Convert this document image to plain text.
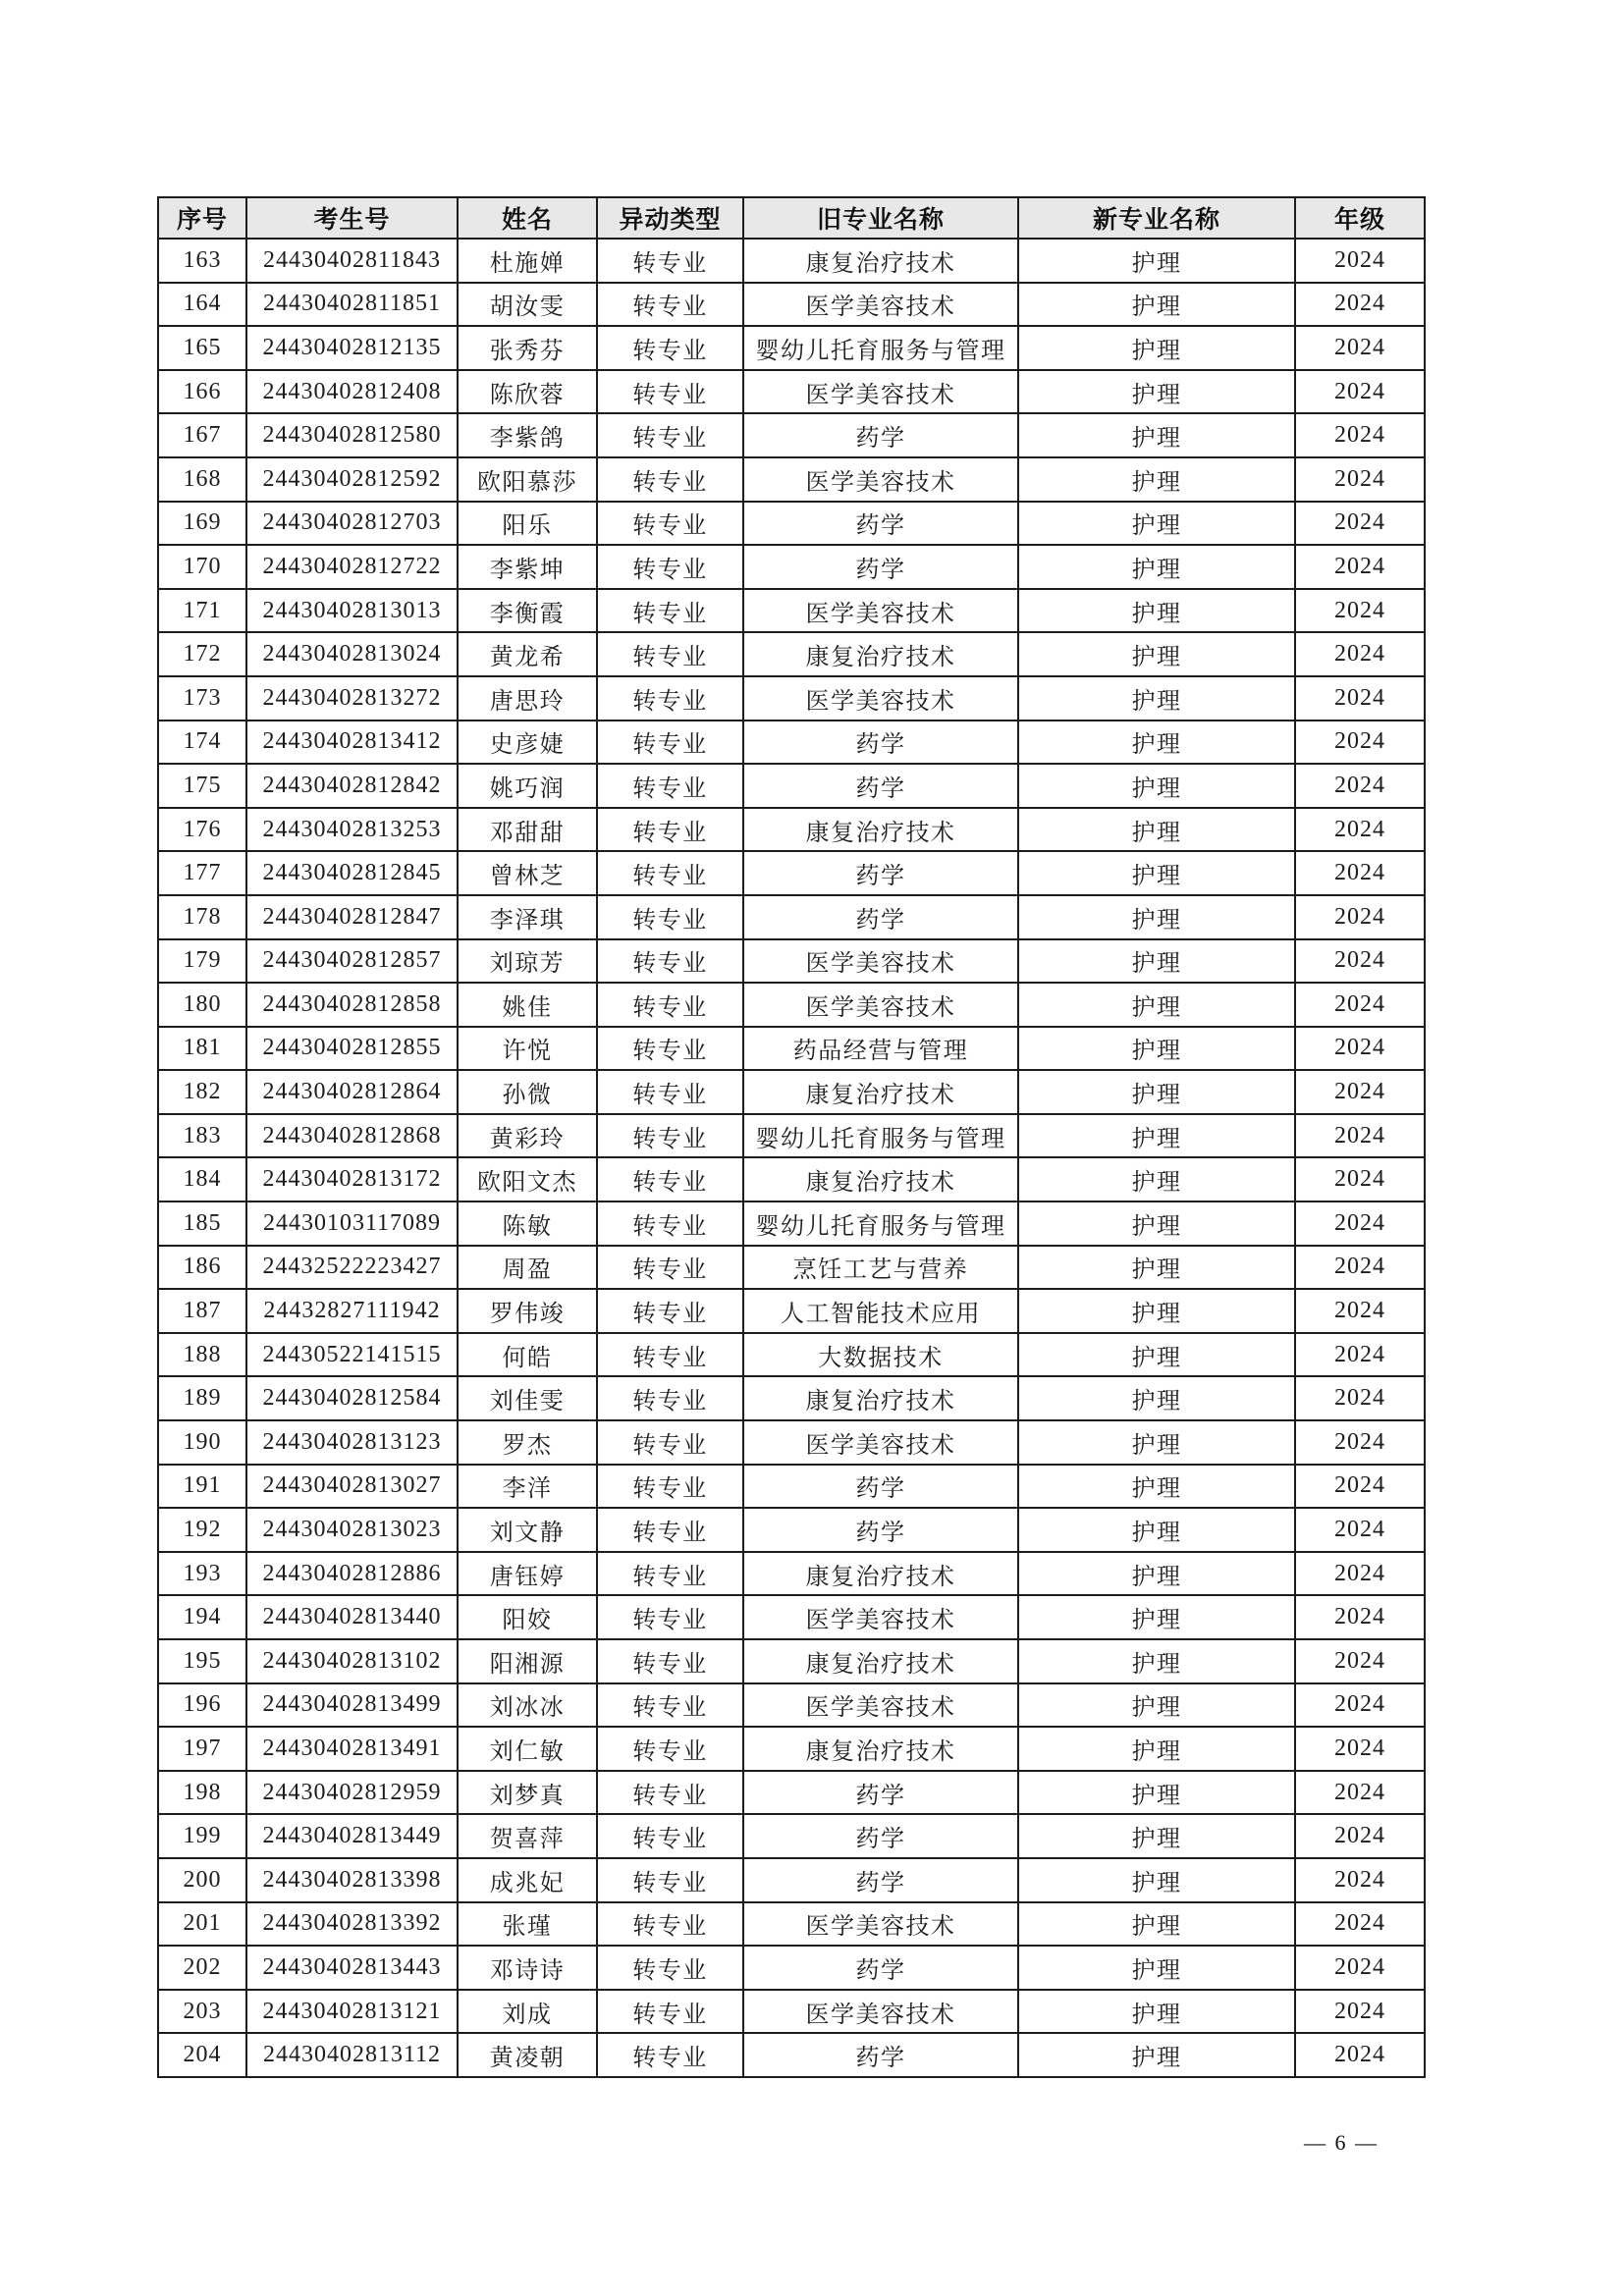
序号	考生号	姓名	异动类型	旧专业名称	新专业名称	年级
163	24430402811843	杜施婵	转专业	康复治疗技术	护理	2024
164	24430402811851	胡汝雯	转专业	医学美容技术	护理	2024
165	24430402812135	张秀芬	转专业	婴幼儿托育服务与管理	护理	2024
166	24430402812408	陈欣蓉	转专业	医学美容技术	护理	2024
167	24430402812580	李紫鸽	转专业	药学	护理	2024
168	24430402812592	欧阳慕莎	转专业	医学美容技术	护理	2024
169	24430402812703	阳乐	转专业	药学	护理	2024
170	24430402812722	李紫坤	转专业	药学	护理	2024
171	24430402813013	李衡霞	转专业	医学美容技术	护理	2024
172	24430402813024	黄龙希	转专业	康复治疗技术	护理	2024
173	24430402813272	唐思玲	转专业	医学美容技术	护理	2024
174	24430402813412	史彦婕	转专业	药学	护理	2024
175	24430402812842	姚巧润	转专业	药学	护理	2024
176	24430402813253	邓甜甜	转专业	康复治疗技术	护理	2024
177	24430402812845	曾林芝	转专业	药学	护理	2024
178	24430402812847	李泽琪	转专业	药学	护理	2024
179	24430402812857	刘琼芳	转专业	医学美容技术	护理	2024
180	24430402812858	姚佳	转专业	医学美容技术	护理	2024
181	24430402812855	许悦	转专业	药品经营与管理	护理	2024
182	24430402812864	孙微	转专业	康复治疗技术	护理	2024
183	24430402812868	黄彩玲	转专业	婴幼儿托育服务与管理	护理	2024
184	24430402813172	欧阳文杰	转专业	康复治疗技术	护理	2024
185	24430103117089	陈敏	转专业	婴幼儿托育服务与管理	护理	2024
186	24432522223427	周盈	转专业	烹饪工艺与营养	护理	2024
187	24432827111942	罗伟竣	转专业	人工智能技术应用	护理	2024
188	24430522141515	何皓	转专业	大数据技术	护理	2024
189	24430402812584	刘佳雯	转专业	康复治疗技术	护理	2024
190	24430402813123	罗杰	转专业	医学美容技术	护理	2024
191	24430402813027	李洋	转专业	药学	护理	2024
192	24430402813023	刘文静	转专业	药学	护理	2024
193	24430402812886	唐钰婷	转专业	康复治疗技术	护理	2024
194	24430402813440	阳姣	转专业	医学美容技术	护理	2024
195	24430402813102	阳湘源	转专业	康复治疗技术	护理	2024
196	24430402813499	刘冰冰	转专业	医学美容技术	护理	2024
197	24430402813491	刘仁敏	转专业	康复治疗技术	护理	2024
198	24430402812959	刘梦真	转专业	药学	护理	2024
199	24430402813449	贺喜萍	转专业	药学	护理	2024
200	24430402813398	成兆妃	转专业	药学	护理	2024
201	24430402813392	张瑾	转专业	医学美容技术	护理	2024
202	24430402813443	邓诗诗	转专业	药学	护理	2024
203	24430402813121	刘成	转专业	医学美容技术	护理	2024
204	24430402813112	黄凌朝	转专业	药学	护理	2024
— 6 —
